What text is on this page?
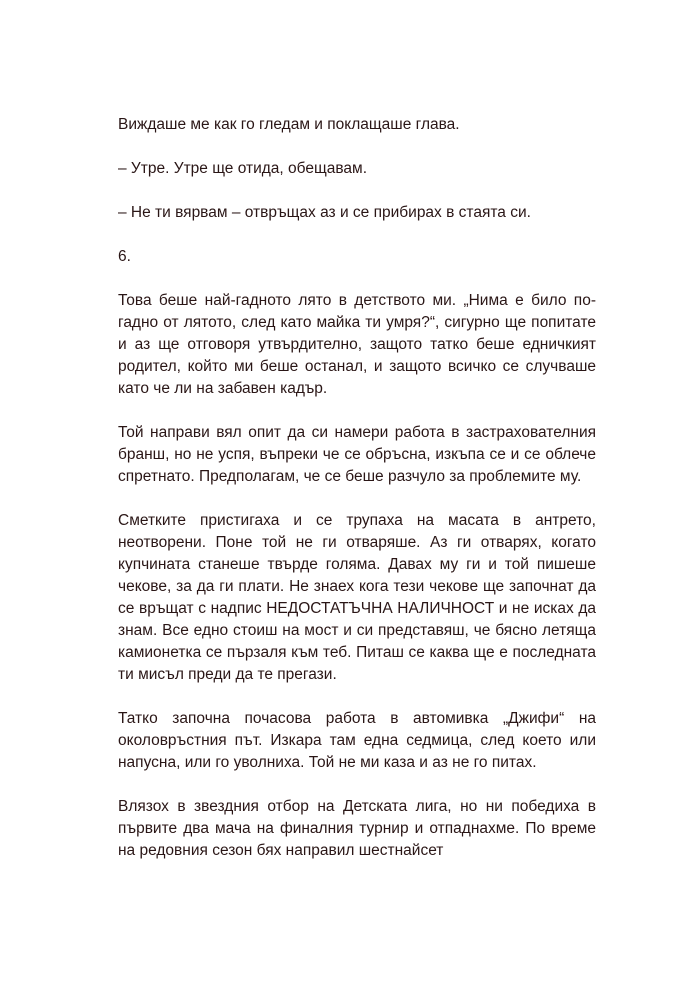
Виждаше ме как го гледам и поклащаше глава.

– Утре. Утре ще отида, обещавам.

– Не ти вярвам – отвръщах аз и се прибирах в стаята си.

6.

Това беше най-гадното лято в детството ми. „Нима е било по-гадно от лятото, след като майка ти умря?“, сигурно ще попитате и аз ще отговоря утвърдително, защото татко беше едничкият родител, който ми беше останал, и защото всичко се случваше като че ли на забавен кадър.

Той направи вял опит да си намери работа в застрахователния бранш, но не успя, въпреки че се обръсна, изкъпа се и се облече спретнато. Предполагам, че се беше разчуло за проблемите му.

Сметките пристигаха и се трупаха на масата в антрето, неотворени. Поне той не ги отваряше. Аз ги отварях, когато купчината станеше твърде голяма. Давах му ги и той пишеше чекове, за да ги плати. Не знаех кога тези чекове ще започнат да се връщат с надпис НЕДОСТАТЪЧНА НАЛИЧНОСТ и не исках да знам. Все едно стоиш на мост и си представяш, че бясно летяща камионетка се пързаля към теб. Питаш се каква ще е последната ти мисъл преди да те прегази.

Татко започна почасова работа в автомивка „Джифи“ на околовръстния път. Изкара там една седмица, след което или напусна, или го уволниха. Той не ми каза и аз не го питах.

Влязох в звездния отбор на Детската лига, но ни победиха в първите два мача на финалния турнир и отпаднахме. По време на редовния сезон бях направил шестнайсет
